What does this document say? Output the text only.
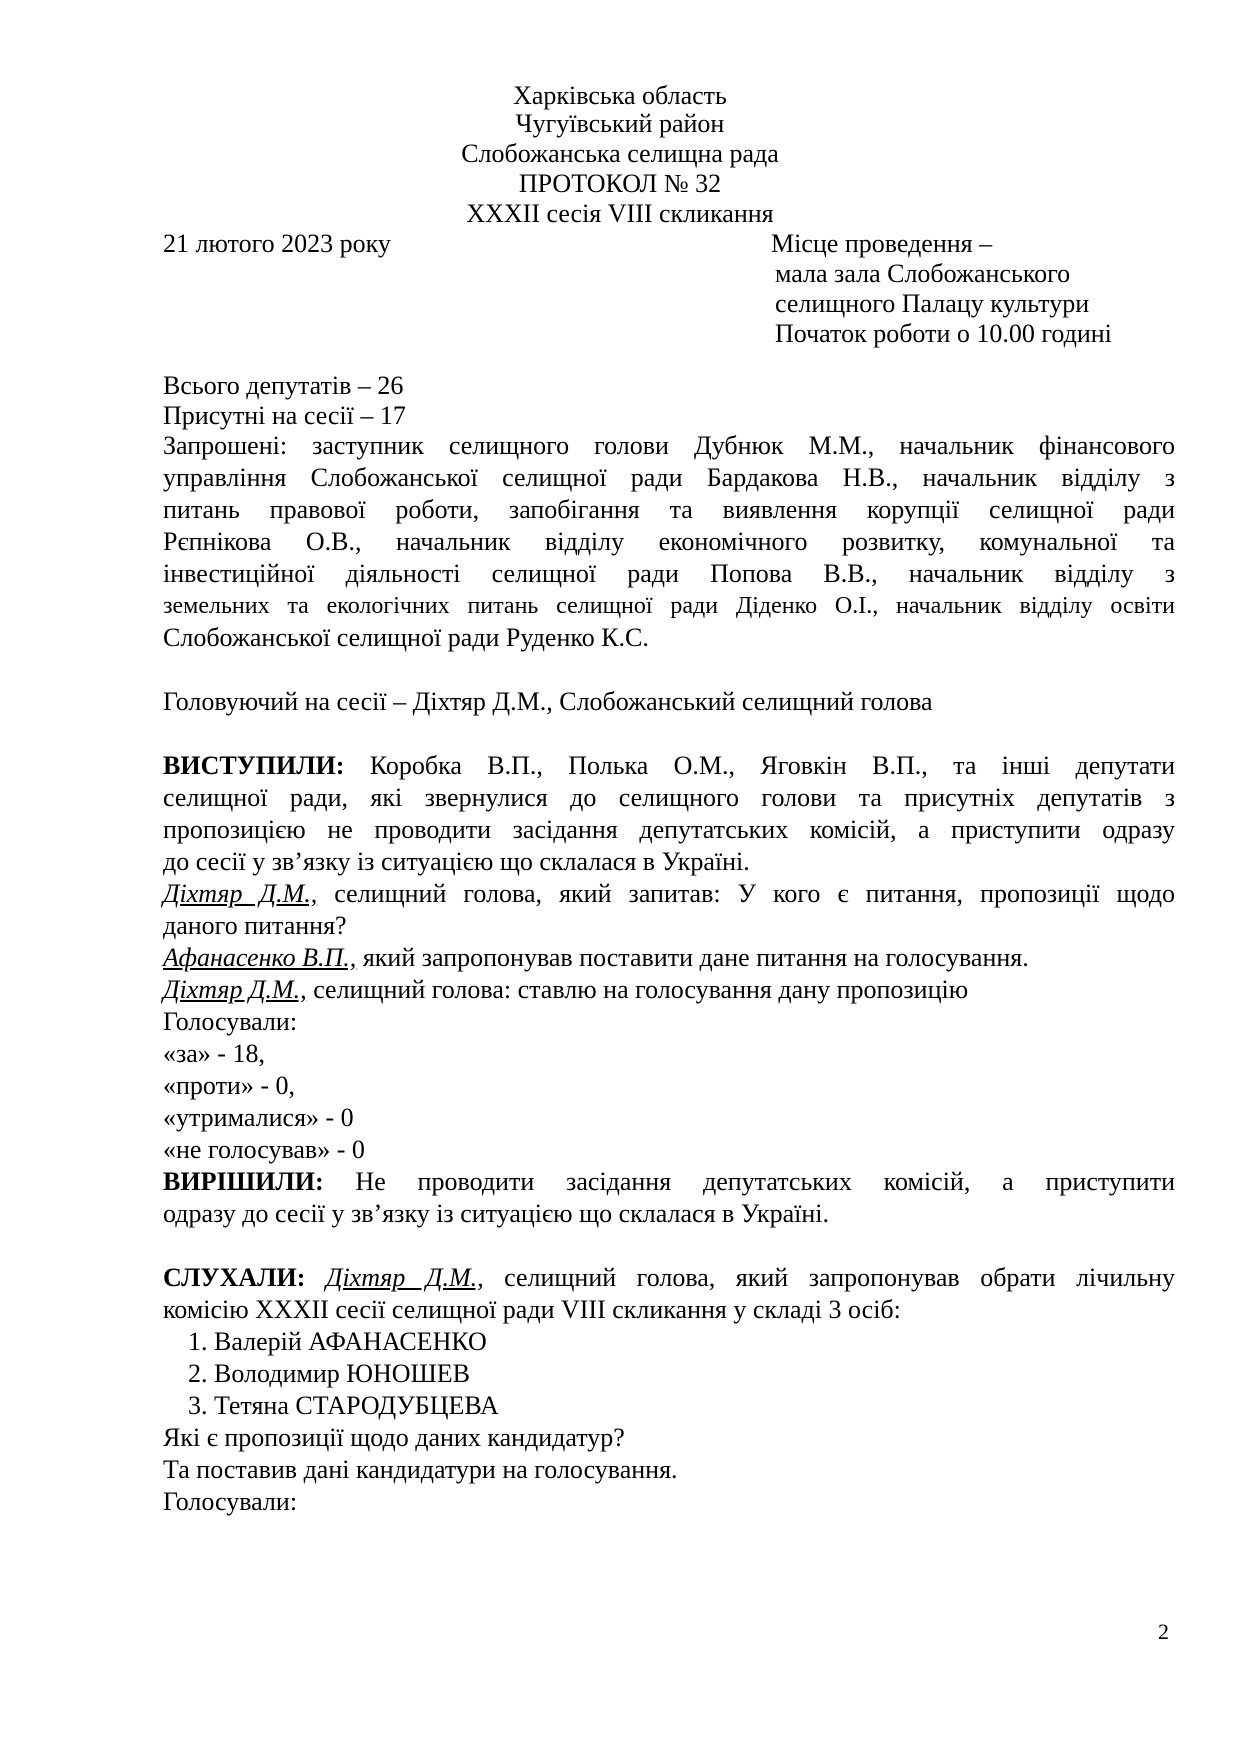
Харківська область
Чугуївський район
Слобожанська селищна рада
ПРОТОКОЛ № 32
XXXII сесія VIII скликання
21 лютого 2023 року	Місце проведення –
мала зала Слобожанського
селищного Палацу культури
Початок роботи о 10.00 годині
Всього депутатів – 26
Присутні на сесії – 17
Запрошені: заступник селищного голови Дубнюк М.М., начальник фінансового
управління Слобожанської селищної ради Бардакова Н.В., начальник відділу з
питань правової роботи, запобігання та виявлення корупції селищної ради
Рєпнікова О.В., начальник відділу економічного розвитку, комунальної та
інвестиційної діяльності селищної ради Попова В.В., начальник відділу з
земельних та екологічних питань селищної ради Діденко О.І., начальник відділу освіти
Слобожанської селищної ради Руденко К.С.
Головуючий на сесії – Діхтяр Д.М., Слобожанський селищний голова
ВИСТУПИЛИ: Коробка В.П., Полька О.М., Яговкін В.П., та інші депутати
селищної ради, які звернулися до селищного голови та присутніх депутатів з
пропозицією не проводити засідання депутатських комісій, а приступити одразу
до сесії у зв’язку із ситуацією що склалася в Україні.
Діхтяр Д.М., селищний голова, який запитав: У кого є питання, пропозиції щодо
даного питання?
Афанасенко В.П., який запропонував поставити дане питання на голосування.
Діхтяр Д.М., селищний голова: ставлю на голосування дану пропозицію
Голосували:
«за» - 18,
«проти» - 0,
«утрималися» - 0
«не голосував» - 0
ВИРІШИЛИ: Не проводити засідання депутатських комісій, а приступити
одразу до сесії у зв’язку із ситуацією що склалася в Україні.
СЛУХАЛИ: Діхтяр Д.М., селищний голова, який запропонував обрати лічильну
комісію XXXII сесії селищної ради VIII скликання у складі 3 осіб:
1. Валерій АФАНАСЕНКО
2. Володимир ЮНОШЕВ
3. Тетяна СТАРОДУБЦЕВА
Які є пропозиції щодо даних кандидатур?
Та поставив дані кандидатури на голосування.
Голосували:
2
